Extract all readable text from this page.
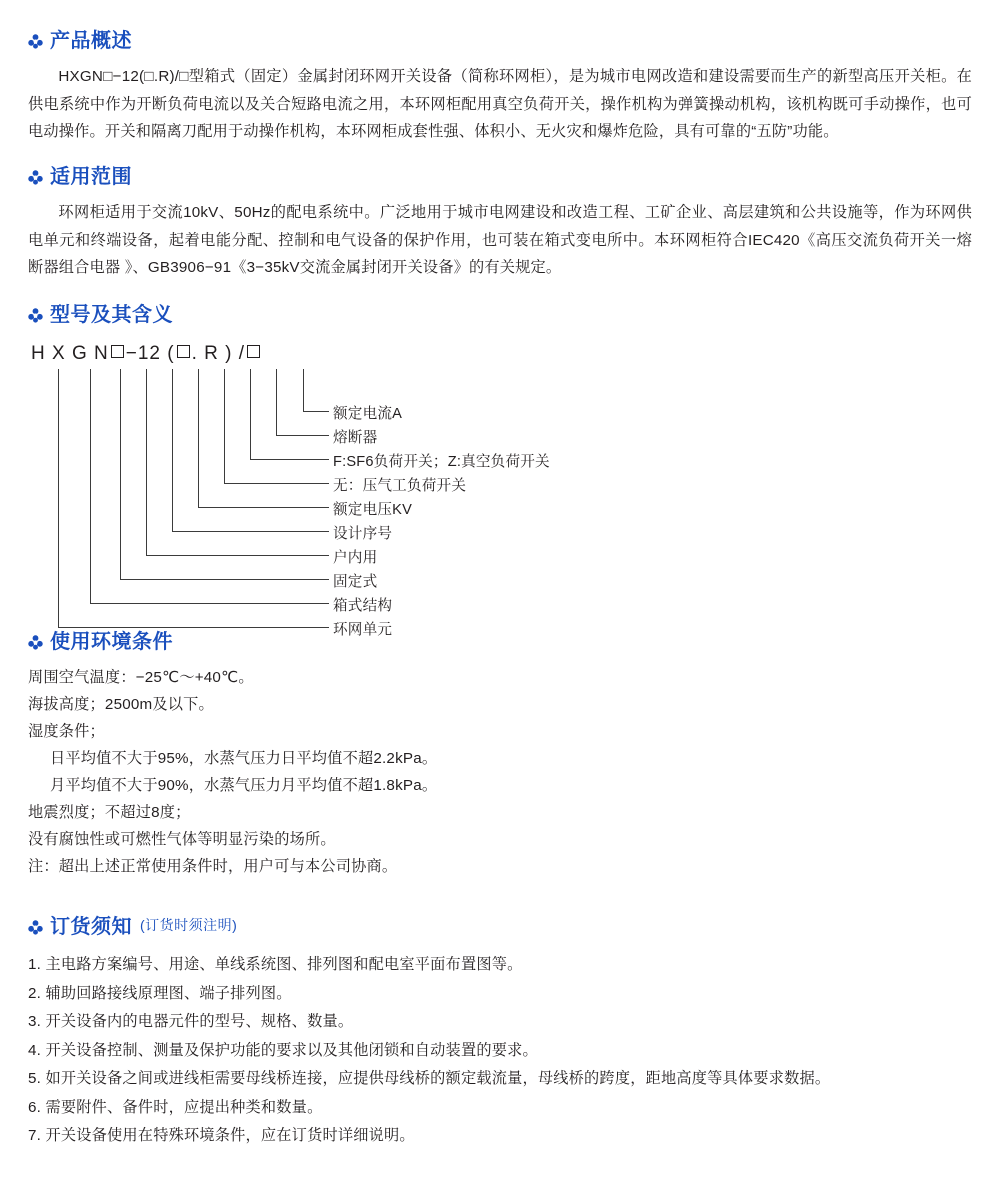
产品概述
HXGN□−12(□.R)/□型箱式（固定）金属封闭环网开关设备（简称环网柜），是为城市电网改造和建设需要而生产的新型高压开关柜。在供电系统中作为开断负荷电流以及关合短路电流之用，本环网柜配用真空负荷开关，操作机构为弹簧操动机构，该机构既可手动操作，也可电动操作。开关和隔离刀配用于动操作机构，本环网柜成套性强、体积小、无火灾和爆炸危险，具有可靠的“五防”功能。
适用范围
环网柜适用于交流10kV、50Hz的配电系统中。广泛地用于城市电网建设和改造工程、工矿企业、高层建筑和公共设施等，作为环网供电单元和终端设备，起着电能分配、控制和电气设备的保护作用，也可装在箱式变电所中。本环网柜符合IEC420《高压交流负荷开关一熔断器组合电器 》、GB3906−91《3−35kV交流金属封闭开关设备》的有关规定。
型号及其含义
H X G N −12 ( . R ) /
额定电流A
熔断器
F:SF6负荷开关；Z:真空负荷开关
无：压气工负荷开关
额定电压KV
设计序号
户内用
固定式
箱式结构
环网单元
使用环境条件
周围空气温度：−25℃～+40℃。
海拔高度；2500m及以下。
湿度条件；
日平均值不大于95%，水蒸气压力日平均值不超2.2kPa。
月平均值不大于90%，水蒸气压力月平均值不超1.8kPa。
地震烈度；不超过8度；
没有腐蚀性或可燃性气体等明显污染的场所。
注：超出上述正常使用条件时，用户可与本公司协商。
订货须知 (订货时须注明)
1. 主电路方案编号、用途、单线系统图、排列图和配电室平面布置图等。
2. 辅助回路接线原理图、端子排列图。
3. 开关设备内的电器元件的型号、规格、数量。
4. 开关设备控制、测量及保护功能的要求以及其他闭锁和自动装置的要求。
5. 如开关设备之间或进线柜需要母线桥连接，应提供母线桥的额定载流量，母线桥的跨度，距地高度等具体要求数据。
6. 需要附件、备件时，应提出种类和数量。
7. 开关设备使用在特殊环境条件，应在订货时详细说明。
